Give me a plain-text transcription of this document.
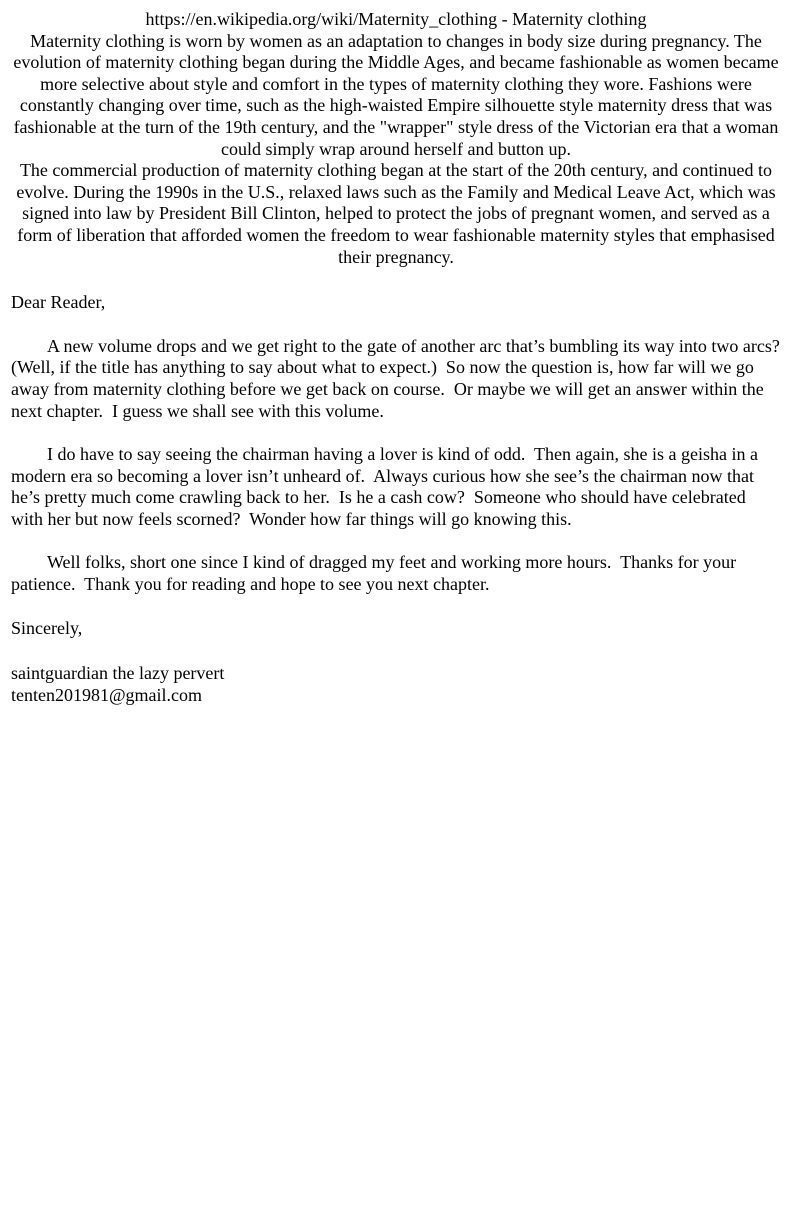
https://en.wikipedia.org/wiki/Maternity_clothing - Maternity clothing

Maternity clothing is worn by women as an adaptation to changes in body size during pregnancy. The evolution of maternity clothing began during the Middle Ages, and became fashionable as women became more selective about style and comfort in the types of maternity clothing they wore. Fashions were constantly changing over time, such as the high-waisted Empire silhouette style maternity dress that was fashionable at the turn of the 19th century, and the "wrapper" style dress of the Victorian era that a woman could simply wrap around herself and button up.

The commercial production of maternity clothing began at the start of the 20th century, and continued to evolve. During the 1990s in the U.S., relaxed laws such as the Family and Medical Leave Act, which was signed into law by President Bill Clinton, helped to protect the jobs of pregnant women, and served as a form of liberation that afforded women the freedom to wear fashionable maternity styles that emphasised their pregnancy.

Dear Reader,

A new volume drops and we get right to the gate of another arc that’s bumbling its way into two arcs?  (Well, if the title has anything to say about what to expect.)  So now the question is, how far will we go away from maternity clothing before we get back on course.  Or maybe we will get an answer within the next chapter.  I guess we shall see with this volume.

I do have to say seeing the chairman having a lover is kind of odd.  Then again, she is a geisha in a modern era so becoming a lover isn’t unheard of.  Always curious how she see’s the chairman now that he’s pretty much come crawling back to her.  Is he a cash cow?  Someone who should have celebrated with her but now feels scorned?  Wonder how far things will go knowing this.

Well folks, short one since I kind of dragged my feet and working more hours.  Thanks for your patience.  Thank you for reading and hope to see you next chapter.

Sincerely,

saintguardian the lazy pervert

tenten201981@gmail.com
